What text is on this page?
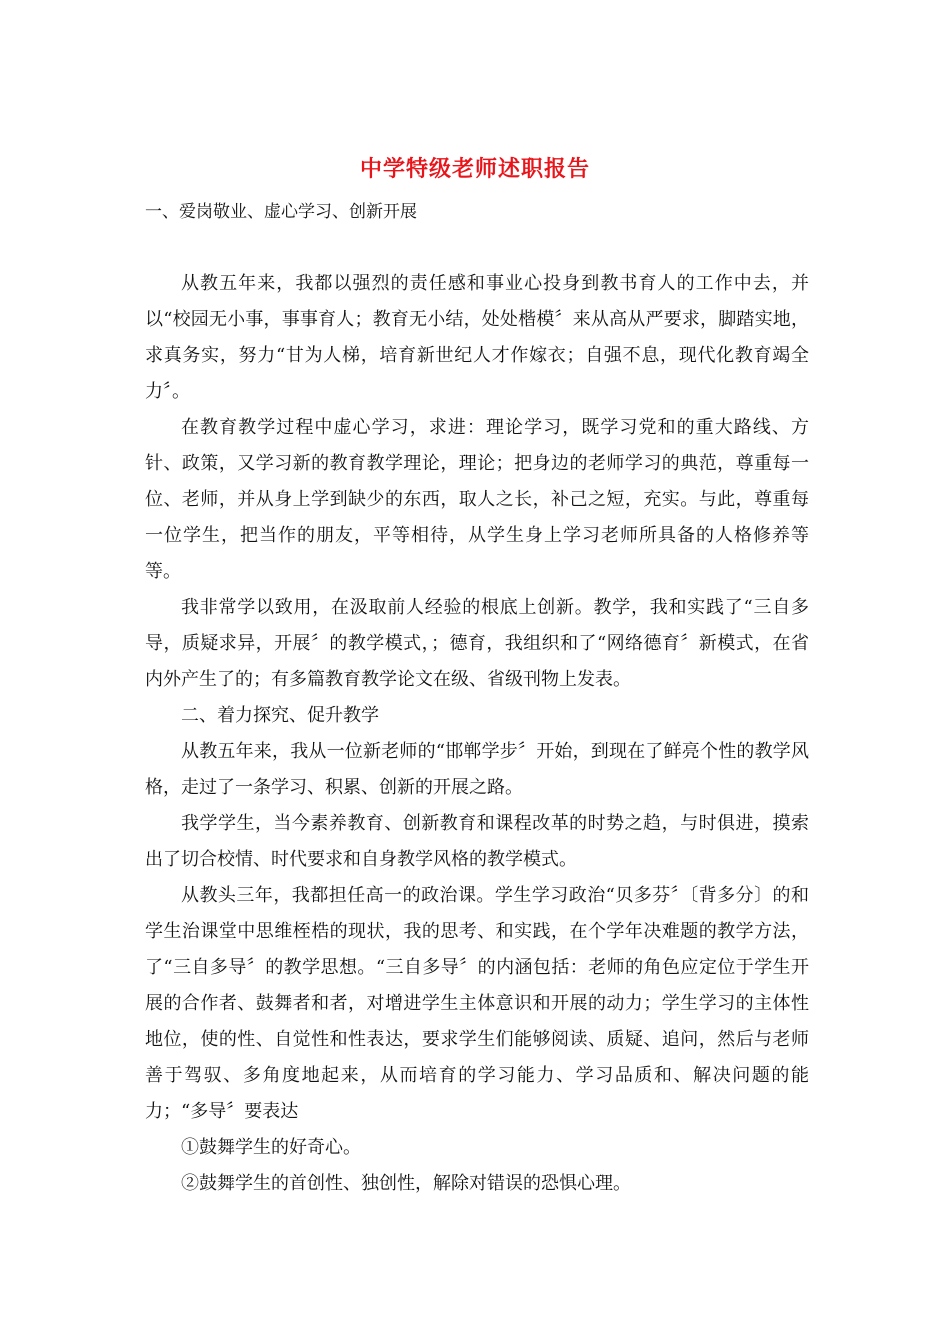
中学特级老师述职报告
一、爱岗敬业、虚心学习、创新开展

从教五年来，我都以强烈的责任感和事业心投身到教书育人的工作中去，并以“校园无小事，事事育人；教育无小结，处处楷模〞来从高从严要求，脚踏实地，求真务实，努力“甘为人梯，培育新世纪人才作嫁衣；自强不息，现代化教育竭全力〞。

在教育教学过程中虚心学习，求进：理论学习，既学习党和的重大路线、方针、政策，又学习新的教育教学理论，理论；把身边的老师学习的典范，尊重每一位、老师，并从身上学到缺少的东西，取人之长，补己之短，充实。与此，尊重每一位学生，把当作的朋友，平等相待，从学生身上学习老师所具备的人格修养等等。

我非常学以致用，在汲取前人经验的根底上创新。教学，我和实践了“三自多导，质疑求异，开展〞的教学模式，；德育，我组织和了“网络德育〞新模式，在省内外产生了的；有多篇教育教学论文在级、省级刊物上发表。

二、着力探究、促升教学

从教五年来，我从一位新老师的“邯郸学步〞开始，到现在了鲜亮个性的教学风格，走过了一条学习、积累、创新的开展之路。

我学学生，当今素养教育、创新教育和课程改革的时势之趋，与时俱进，摸索出了切合校情、时代要求和自身教学风格的教学模式。

从教头三年，我都担任高一的政治课。学生学习政治“贝多芬〞〔背多分〕的和学生治课堂中思维桎梏的现状，我的思考、和实践，在个学年决难题的教学方法，了“三自多导〞的教学思想。“三自多导〞的内涵包括：老师的角色应定位于学生开展的合作者、鼓舞者和者，对增进学生主体意识和开展的动力；学生学习的主体性地位，使的性、自觉性和性表达，要求学生们能够阅读、质疑、追问，然后与老师善于驾驭、多角度地起来，从而培育的学习能力、学习品质和、解决问题的能力；“多导〞要表达

①鼓舞学生的好奇心。

②鼓舞学生的首创性、独创性，解除对错误的恐惧心理。
